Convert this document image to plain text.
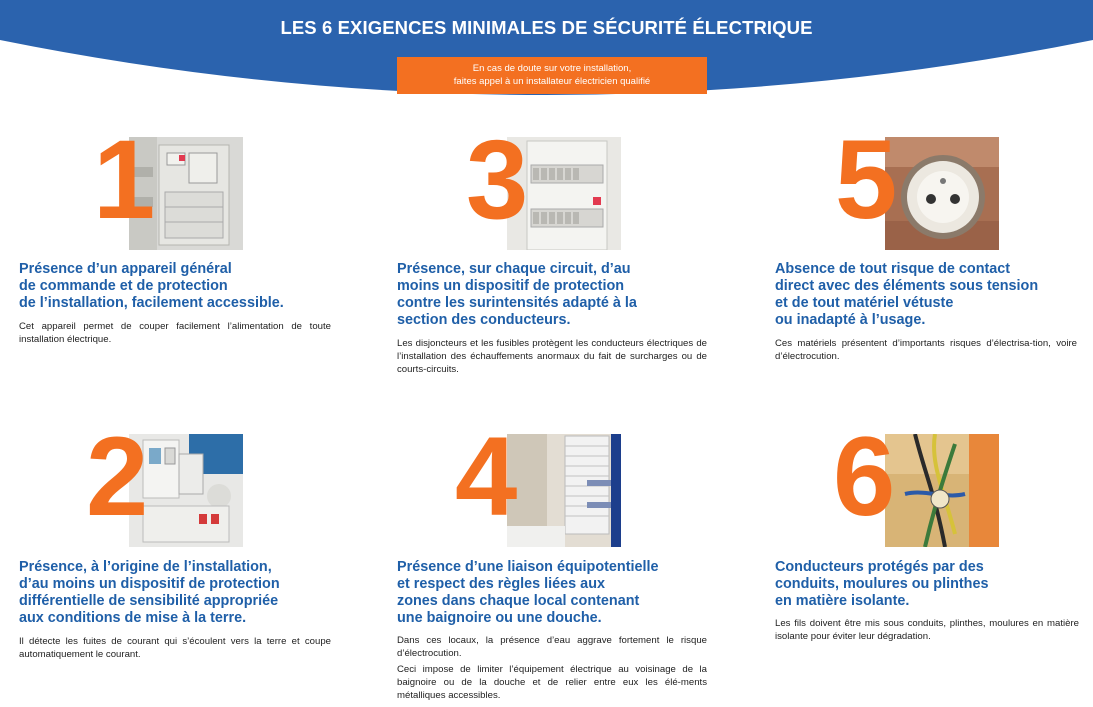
LES 6 EXIGENCES MINIMALES DE SÉCURITÉ ÉLECTRIQUE
En cas de doute sur votre installation,
faites appel à un installateur électricien qualifié
1
Présence d’un appareil général
de commande et de protection
de l’installation, facilement accessible.
Cet appareil permet de couper facilement l’alimentation de toute installation électrique.
3
Présence, sur chaque circuit, d’au
moins un dispositif de protection
contre les surintensités adapté à la
section des conducteurs.
Les disjoncteurs et les fusibles protègent les conducteurs électriques de l’installation des échauffements anormaux du fait de surcharges ou de courts-circuits.
5
Absence de tout risque de contact
direct avec des éléments sous tension
et de tout matériel vétuste
ou inadapté à l’usage.
Ces matériels présentent d’importants risques d’électrisa-tion, voire d’électrocution.
2
Présence, à l’origine de l’installation,
d’au moins un dispositif de protection
différentielle de sensibilité appropriée
aux conditions de mise à la terre.
Il détecte les fuites de courant qui s’écoulent vers la terre et coupe automatiquement le courant.
4
Présence d’une liaison équipotentielle
et respect des règles liées aux
zones dans chaque local contenant
une baignoire ou une douche.
Dans ces locaux, la présence d’eau aggrave fortement le risque d’électrocution.
Ceci impose de limiter l’équipement électrique au voisinage de la baignoire ou de la douche et de relier entre eux les élé-ments métalliques accessibles.
6
Conducteurs protégés par des
conduits, moulures ou plinthes
en matière isolante.
Les fils doivent être mis sous conduits, plinthes, moulures en matière isolante pour éviter leur dégradation.
